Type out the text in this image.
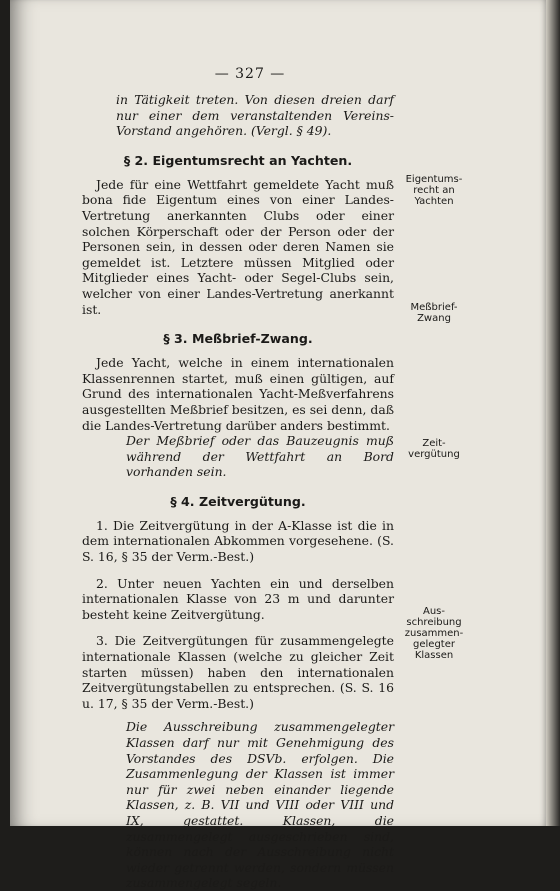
— 327 —

in Tätigkeit treten. Von diesen dreien darf nur einer dem veranstaltenden Vereins-Vorstand angehören. (Vergl. § 49).

§ 2. Eigentumsrecht an Yachten.

Jede für eine Wettfahrt gemeldete Yacht muß bona fide Eigentum eines von einer Landes-Vertretung anerkannten Clubs oder einer solchen Körperschaft oder der Person oder der Personen sein, in dessen oder deren Namen sie gemeldet ist. Letztere müssen Mitglied oder Mitglieder eines Yacht- oder Segel-Clubs sein, welcher von einer Landes-Vertretung anerkannt ist.

§ 3. Meßbrief-Zwang.

Jede Yacht, welche in einem internationalen Klassenrennen startet, muß einen gültigen, auf Grund des internationalen Yacht-Meßverfahrens ausgestellten Meßbrief besitzen, es sei denn, daß die Landes-Vertretung darüber anders bestimmt.

Der Meßbrief oder das Bauzeugnis muß während der Wettfahrt an Bord vorhanden sein.

§ 4. Zeitvergütung.

1. Die Zeitvergütung in der A-Klasse ist die in dem internationalen Abkommen vorgesehene. (S. S. 16, § 35 der Verm.-Best.)

2. Unter neuen Yachten ein und derselben internationalen Klasse von 23 m und darunter besteht keine Zeitvergütung.

3. Die Zeitvergütungen für zusammengelegte internationale Klassen (welche zu gleicher Zeit starten müssen) haben den internationalen Zeitvergütungstabellen zu entsprechen. (S. S. 16 u. 17, § 35 der Verm.-Best.)

Die Ausschreibung zusammengelegter Klassen darf nur mit Genehmigung des Vorstandes des DSVb. erfolgen. Die Zusammenlegung der Klassen ist immer nur für zwei neben einander liegende Klassen, z. B. VII und VIII oder VIII und IX, gestattet. Klassen, die zusammengelegt ausgeschrieben sind, können nach der Ausschreibung nicht wieder getrennt werden, sondern müssen zusammengelegt segeln.

Eigentums-
recht an
Yachten
Meßbrief-
Zwang
Zeit-
vergütung
Aus-
schreibung
zusammen-
gelegter
Klassen
